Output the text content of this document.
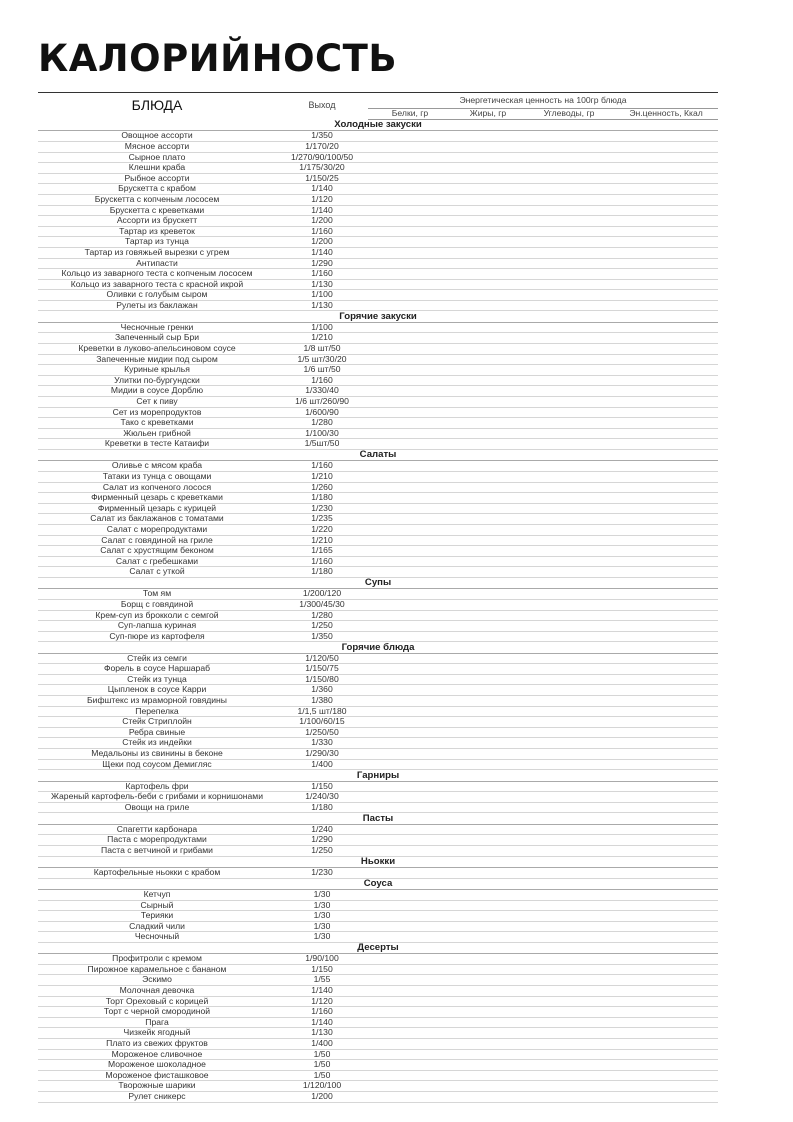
КАЛОРИЙНОСТЬ
БЛЮДА	Выход	Энергетическая ценность на 100гр блюда			
		Белки, гр	Жиры, гр	Углеводы, гр	Эн.ценность, Ккал
Холодные закуски					
Овощное ассорти	1/350				
Мясное ассорти	1/170/20				
Сырное плато	1/270/90/100/50				
Клешни краба	1/175/30/20				
Рыбное ассорти	1/150/25				
Брускетта с крабом	1/140				
Брускетта с копченым лососем	1/120				
Брускетта с креветками	1/140				
Ассорти из брускетт	1/200				
Тартар из креветок	1/160				
Тартар из тунца	1/200				
Тартар из говяжьей вырезки с угрем	1/140				
Антипасти	1/290				
Кольцо из заварного теста с копченым лососем	1/160				
Кольцо из заварного теста с красной икрой	1/130				
Оливки с голубым сыром	1/100				
Рулеты из баклажан	1/130				
Горячие закуски					
Чесночные гренки	1/100				
Запеченный сыр Бри	1/210				
Креветки в луково-апельсиновом соусе	1/8 шт/50				
Запеченные мидии под сыром	1/5 шт/30/20				
Куриные крылья	1/6 шт/50				
Улитки по-бургундски	1/160				
Мидии в соусе Дорблю	1/330/40				
Сет к пиву	1/6 шт/260/90				
Сет из морепродуктов	1/600/90				
Тако с креветками	1/280				
Жюльен грибной	1/100/30				
Креветки в тесте Катаифи	1/5шт/50				
Салаты					
Оливье с мясом краба	1/160				
Татаки из тунца с овощами	1/210				
Салат из копченого лосося	1/260				
Фирменный цезарь с креветками	1/180				
Фирменный цезарь с курицей	1/230				
Салат из баклажанов с томатами	1/235				
Салат с морепродуктами	1/220				
Салат с говядиной на гриле	1/210				
Салат с хрустящим беконом	1/165				
Салат с гребешками	1/160				
Салат с уткой	1/180				
Супы					
Том ям	1/200/120				
Борщ с говядиной	1/300/45/30				
Крем-суп из брокколи с семгой	1/280				
Суп-лапша куриная	1/250				
Суп-пюре из картофеля	1/350				
Горячие блюда					
Стейк из семги	1/120/50				
Форель в соусе Наршараб	1/150/75				
Стейк из тунца	1/150/80				
Цыпленок в соусе Карри	1/360				
Бифштекс из мраморной говядины	1/380				
Перепелка	1/1,5 шт/180				
Стейк Стриплойн	1/100/60/15				
Ребра свиные	1/250/50				
Стейк из индейки	1/330				
Медальоны из свинины в беконе	1/290/30				
Щеки под соусом Демигляс	1/400				
Гарниры					
Картофель фри	1/150				
Жареный картофель-беби с грибами и корнишонами	1/240/30				
Овощи на гриле	1/180				
Пасты					
Спагетти карбонара	1/240				
Паста с морепродуктами	1/290				
Паста с ветчиной и грибами	1/250				
Ньокки					
Картофельные ньокки с крабом	1/230				
Соуса					
Кетчуп	1/30				
Сырный	1/30				
Терияки	1/30				
Сладкий чили	1/30				
Чесночный	1/30				
Десерты					
Профитроли с кремом	1/90/100				
Пирожное карамельное с бананом	1/150				
Эскимо	1/55				
Молочная девочка	1/140				
Торт Ореховый с корицей	1/120				
Торт с черной смородиной	1/160				
Прага	1/140				
Чизкейк ягодный	1/130				
Плато из свежих фруктов	1/400				
Мороженое сливочное	1/50				
Мороженое шоколадное	1/50				
Мороженое фисташковое	1/50				
Творожные шарики	1/120/100				
Рулет сникерс	1/200				
